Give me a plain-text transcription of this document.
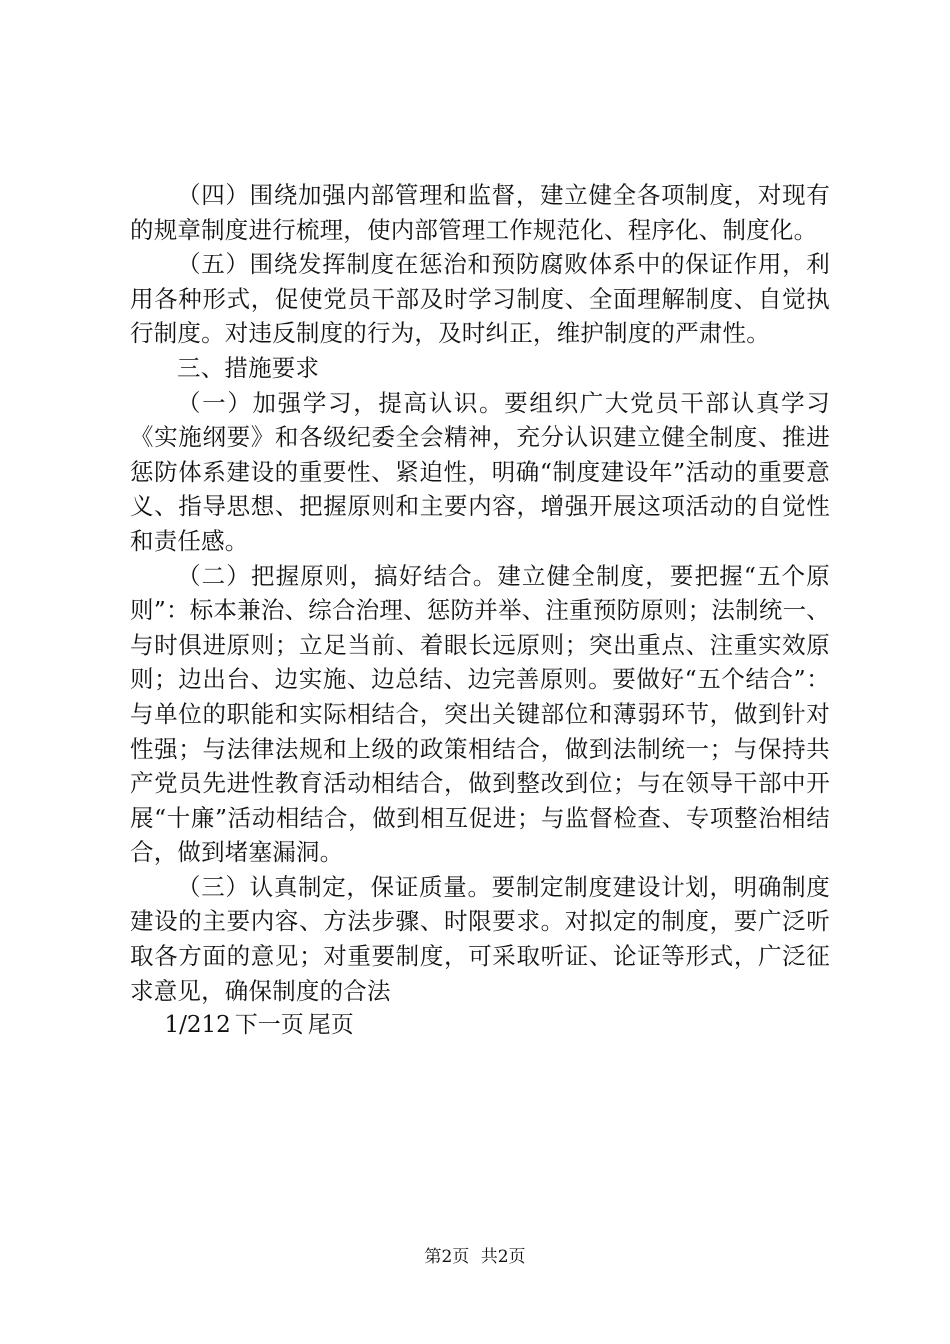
（四）围绕加强内部管理和监督，建立健全各项制度，对现有的规章制度进行梳理，使内部管理工作规范化、程序化、制度化。

（五）围绕发挥制度在惩治和预防腐败体系中的保证作用，利用各种形式，促使党员干部及时学习制度、全面理解制度、自觉执行制度。对违反制度的行为，及时纠正，维护制度的严肃性。

三、措施要求

（一）加强学习，提高认识。要组织广大党员干部认真学习《实施纲要》和各级纪委全会精神，充分认识建立健全制度、推进惩防体系建设的重要性、紧迫性，明确“制度建设年”活动的重要意义、指导思想、把握原则和主要内容，增强开展这项活动的自觉性和责任感。

（二）把握原则，搞好结合。建立健全制度，要把握“五个原则”：标本兼治、综合治理、惩防并举、注重预防原则；法制统一、与时俱进原则；立足当前、着眼长远原则；突出重点、注重实效原则；边出台、边实施、边总结、边完善原则。要做好“五个结合”：与单位的职能和实际相结合，突出关键部位和薄弱环节，做到针对性强；与法律法规和上级的政策相结合，做到法制统一；与保持共产党员先进性教育活动相结合，做到整改到位；与在领导干部中开展“十廉”活动相结合，做到相互促进；与监督检查、专项整治相结合，做到堵塞漏洞。

（三）认真制定，保证质量。要制定制度建设计划，明确制度建设的主要内容、方法步骤、时限要求。对拟定的制度，要广泛听取各方面的意见；对重要制度，可采取听证、论证等形式，广泛征求意见，确保制度的合法

1/212 下一页 尾页

第2页 共2页
